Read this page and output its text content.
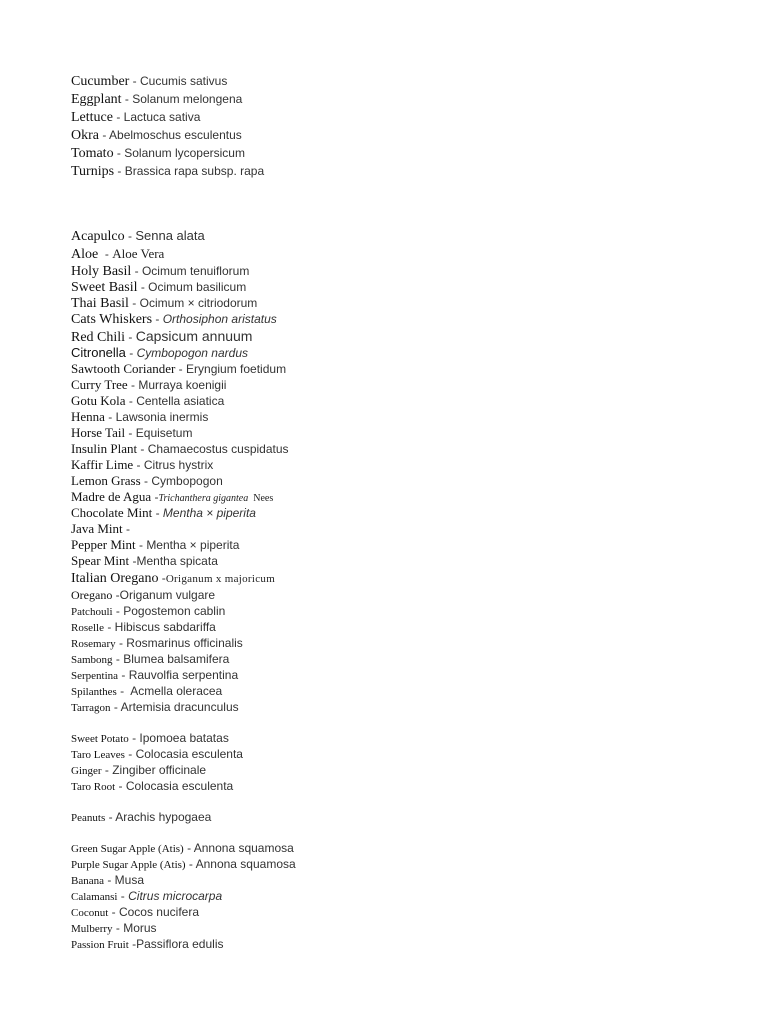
Cucumber - Cucumis sativus
Eggplant - Solanum melongena
Lettuce - Lactuca sativa
Okra - Abelmoschus esculentus
Tomato - Solanum lycopersicum
Turnips - Brassica rapa subsp. rapa
Acapulco - Senna alata
Aloe  - Aloe Vera
Holy Basil - Ocimum tenuiflorum
Sweet Basil - Ocimum basilicum
Thai Basil - Ocimum × citriodorum
Cats Whiskers - Orthosiphon aristatus
Red Chili - Capsicum annuum
Citronella - Cymbopogon nardus
Sawtooth Coriander - Eryngium foetidum
Curry Tree - Murraya koenigii
Gotu Kola - Centella asiatica
Henna - Lawsonia inermis
Horse Tail - Equisetum
Insulin Plant - Chamaecostus cuspidatus
Kaffir Lime - Citrus hystrix
Lemon Grass - Cymbopogon
Madre de Agua -Trichanthera gigantea Nees
Chocolate Mint - Mentha × piperita
Java Mint -
Pepper Mint - Mentha × piperita
Spear Mint -Mentha spicata
Italian Oregano -Origanum x majoricum
Oregano -Origanum vulgare
Patchouli - Pogostemon cablin
Roselle - Hibiscus sabdariffa
Rosemary - Rosmarinus officinalis
Sambong - Blumea balsamifera
Serpentina - Rauvolfia serpentina
Spilanthes -  Acmella oleracea
Tarragon - Artemisia dracunculus
Sweet Potato - Ipomoea batatas
Taro Leaves - Colocasia esculenta
Ginger - Zingiber officinale
Taro Root - Colocasia esculenta
Peanuts - Arachis hypogaea
Green Sugar Apple (Atis) - Annona squamosa
Purple Sugar Apple (Atis) - Annona squamosa
Banana - Musa
Calamansi - Citrus microcarpa
Coconut - Cocos nucifera
Mulberry - Morus
Passion Fruit -Passiflora edulis
